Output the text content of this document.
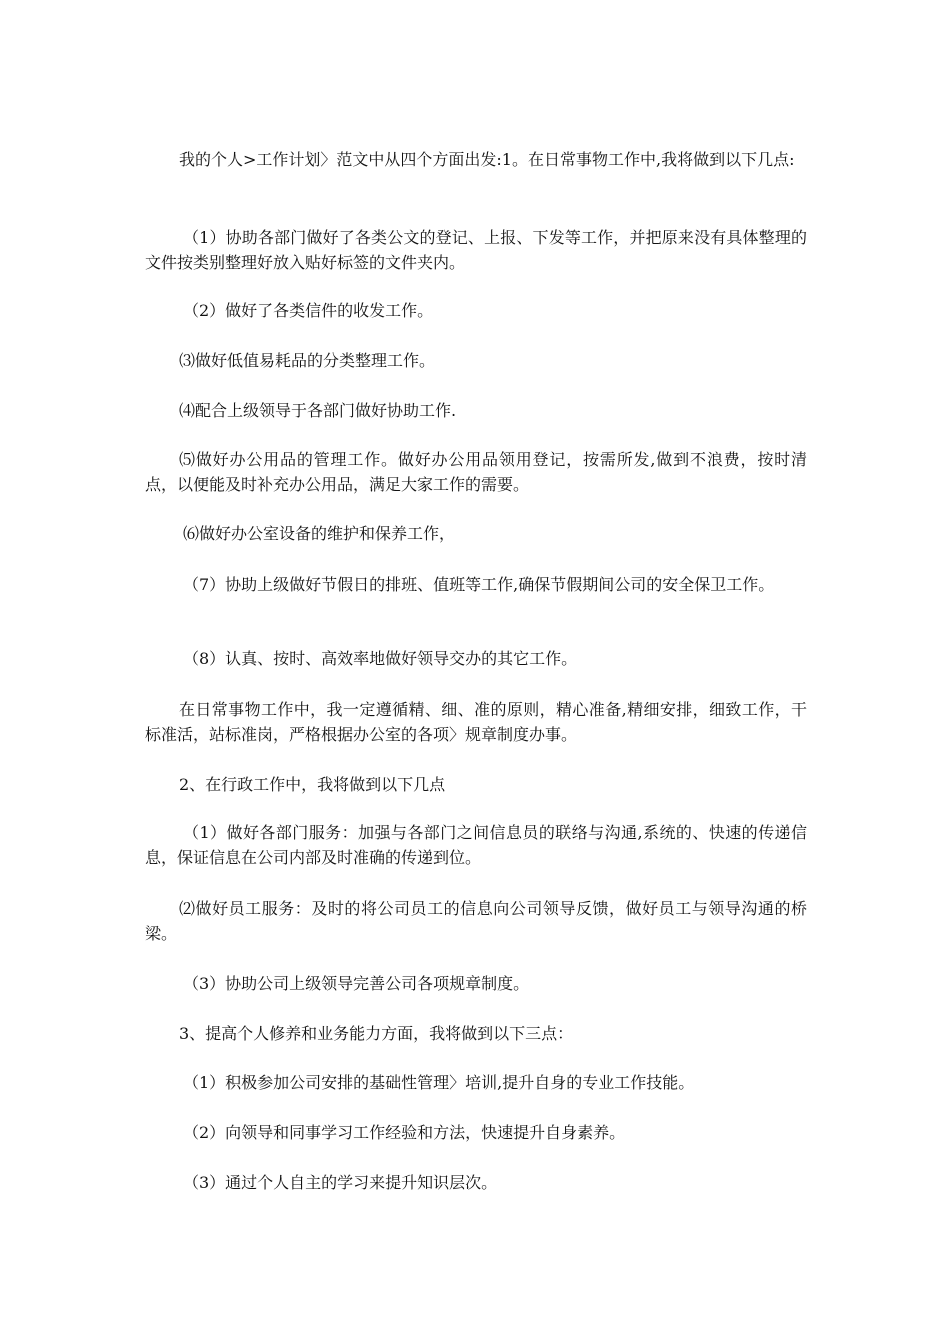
我的个人>工作计划〉范文中从四个方面出发:1。在日常事物工作中,我将做到以下几点:

（1）协助各部门做好了各类公文的登记、上报、下发等工作，并把原来没有具体整理的文件按类别整理好放入贴好标签的文件夹内。

（2）做好了各类信件的收发工作。

⑶做好低值易耗品的分类整理工作。

⑷配合上级领导于各部门做好协助工作.

⑸做好办公用品的管理工作。做好办公用品领用登记，按需所发,做到不浪费，按时清点，以便能及时补充办公用品，满足大家工作的需要。

⑹做好办公室设备的维护和保养工作，

（7）协助上级做好节假日的排班、值班等工作,确保节假期间公司的安全保卫工作。

（8）认真、按时、高效率地做好领导交办的其它工作。

在日常事物工作中，我一定遵循精、细、准的原则，精心准备,精细安排，细致工作，干标准活，站标准岗，严格根据办公室的各项〉规章制度办事。

2、在行政工作中，我将做到以下几点

（1）做好各部门服务：加强与各部门之间信息员的联络与沟通,系统的、快速的传递信息，保证信息在公司内部及时准确的传递到位。

⑵做好员工服务：及时的将公司员工的信息向公司领导反馈，做好员工与领导沟通的桥梁。

（3）协助公司上级领导完善公司各项规章制度。

3、提高个人修养和业务能力方面，我将做到以下三点：

（1）积极参加公司安排的基础性管理〉培训,提升自身的专业工作技能。

（2）向领导和同事学习工作经验和方法，快速提升自身素养。

（3）通过个人自主的学习来提升知识层次。
